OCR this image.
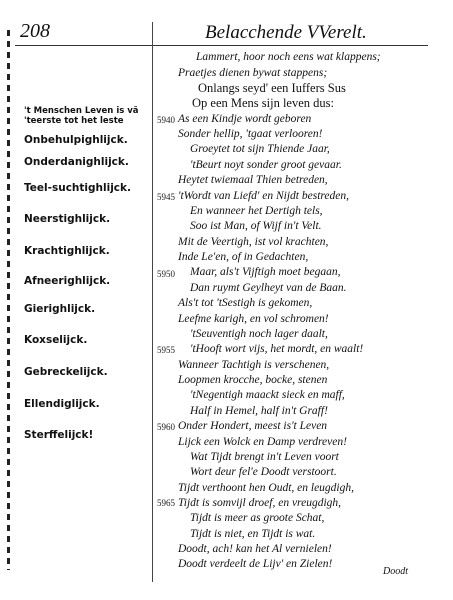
208	Belacchende VVerelt.

't Menschen Leven is vã

'teerste tot het leste

Onbehulpighlijck.

Onderdanighlijck.

Teel-suchtighlijck.

Neerstighlijck.

Krachtighlijck.

Afneerighlijck.

Gierighlijck.

Koxselijck.

Gebreckelijck.

Ellendiglijck.

Sterffelijck!

5940

5945

5950

5955

5960

5965

Lammert, hoor noch eens wat klappens;

Praetjes dienen bywat stappens;

Onlangs seyd' een Iuffers Sus

Op een Mens sijn leven dus:

As een Kindje wordt geboren

Sonder hellip, 'tgaat verlooren!

Groeytet tot sijn Thiende Jaar,

'tBeurt noyt sonder groot gevaar.

Heytet twiemaal Thien betreden,

'tWordt van Liefd' en Nijdt bestreden,

En wanneer het Dertigh tels,

Soo ist Man, of Wijf in't Velt.

Mit de Veertigh, ist vol krachten,

Inde Le'en, of in Gedachten,

Maar, als't Vijftigh moet begaan,

Dan ruymt Geylheyt van de Baan.

Als't tot 'tSestigh is gekomen,

Leefme karigh, en vol schromen!

'tSeuventigh noch lager daalt,

'tHooft wort vijs, het mordt, en waalt!

Wanneer Tachtigh is verschenen,

Loopmen krocche, bocke, stenen

'tNegentigh maackt sieck en maff,

Half in Hemel, half in't Graff!

Onder Hondert, meest is't Leven

Lijck een Wolck en Damp verdreven!

Wat Tijdt brengt in't Leven voort

Wort deur fel'e Doodt verstoort.

Tijdt verthoont hen Oudt, en leugdigh,

Tijdt is somvijl droef, en vreugdigh,

Tijdt is meer as groote Schat,

Tijdt is niet, en Tijdt is wat.

Doodt, ach! kan het Al vernielen!

Doodt verdeelt de Lijv' en Zielen!

Doodt
